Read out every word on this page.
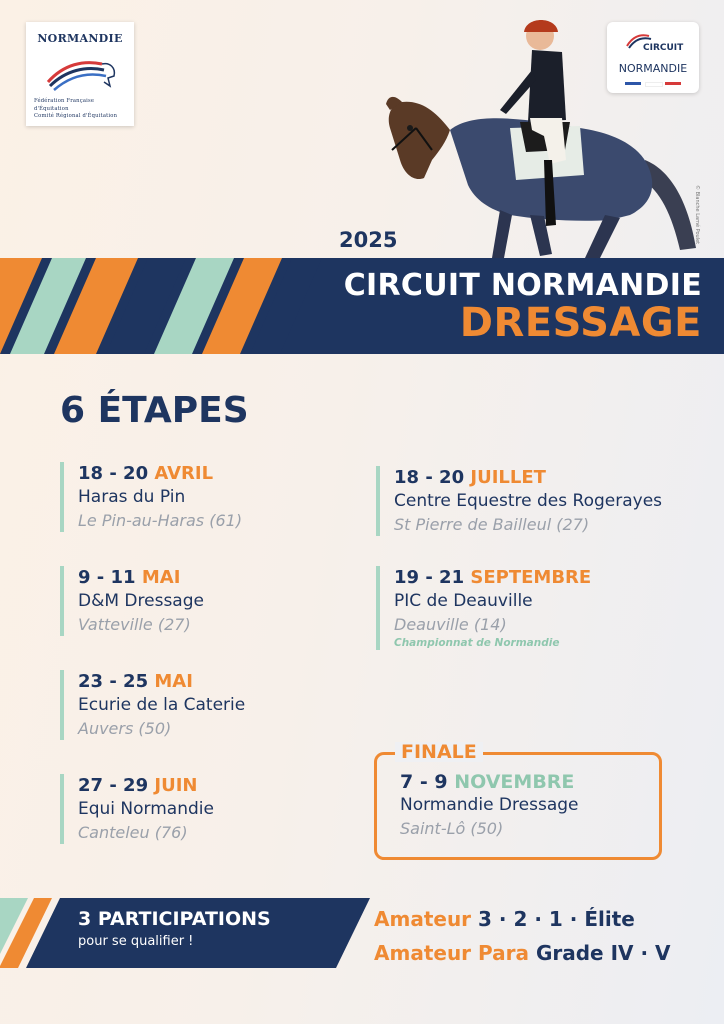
NORMANDIE
Fédération Française d'Équitation
Comité Régional d'Équitation
CIRCUIT
NORMANDIE
© Blanche Lamé Poulet
2025
CIRCUIT NORMANDIE
DRESSAGE
6 ÉTAPES
18 - 20 AVRIL
Haras du Pin
Le Pin-au-Haras (61)
9 - 11 MAI
D&M Dressage
Vatteville (27)
23 - 25 MAI
Ecurie de la Caterie
Auvers (50)
27 - 29 JUIN
Equi Normandie
Canteleu (76)
18 - 20 JUILLET
Centre Equestre des Rogerayes
St Pierre de Bailleul (27)
19 - 21 SEPTEMBRE
PIC de Deauville
Deauville (14)
Championnat de Normandie
FINALE
7 - 9 NOVEMBRE
Normandie Dressage
Saint-Lô (50)
3 PARTICIPATIONS
pour se qualifier !
Amateur 3 · 2 · 1 · Élite
Amateur Para Grade IV · V
